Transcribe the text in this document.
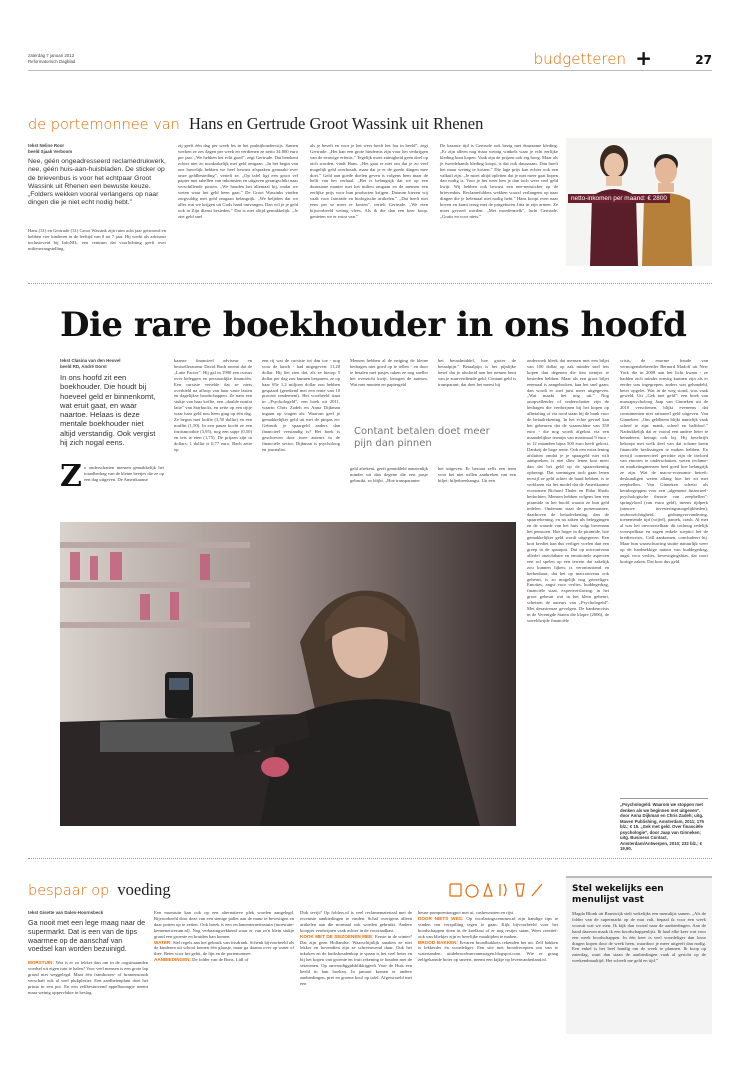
zaterdag 7 januari 2012
Reformatorisch Dagblad	budgetteren +	27
de portemonnee van Hans en Gertrude Groot Wassink uit Rhenen
tekst Neline Roor
beeld Sjaak Verboom
Nee, géén ongeadresseerd reclamedrukwerk, nee, géén huis-aan-huisbladen. De sticker op de brievenbus is voor het echtpaar Groot Wassink uit Rhenen een bewuste keuze. „Folders wekken vooral verlangens op naar dingen die je niet echt nodig hebt.”
Hans (31) en Gertrude (31) Groot Wassink zijn ruim acht jaar getrouwd en hebben vier kinderen in de leeftijd van 0 tot 7 jaar. Hij werkt als adviseur inclusieveid bij InfoNIL, een centrum dat voorlichting geeft over milieuvraagstelling.
zij geeft één dag per week les in het praktijkonderwijs. Samen werken ze zes dagen per week en verdienen ze netto 34.000 euro per jaar. „We hebben het echt goed”, zegt Gertrude. Dat betekent echter niet zo noodzakelijk met geld omgaan. „In het begin van ons huwelijk hebben we heel bewust afspraken gemaakt over onze geldbesteding”, vertelt ze. „Op tafel ligt een groot vel papier met tabellen van inkomsten en uitgaven gerangschikt naar verschillende posten. „We houden het allemaal bij, ondat we weten waar het geld heen gaat.” De Groot Wassinks vinden zorgvuldig met geld omgaan belangrijk. „We beljiden dat we alles wat we krijgen uit Gods hand ontvangen. Dan wil je je geld ook in Zijn dienst besteden.” Dat is niet altijd gemakkelijk. „Je ziet geld snel
als je beseft en voor je het weer heeft het lou in beeld”, zegt Gertrude. „Het kan een grote hindernis zijn voor het verkrijgen van de eeuwige erfenis.” Tegelijk moet zuinigheid geen doel op zich worden, vindt Hans. „Het gaat er niet om dat je zo veel mogelijk geld overhoudt, maar dat je er de goede dingen mee doet.” Geld aan goede doelen geven is volgens hem maar de helft van het verhaal. „Het is belangrijk dat we op een duurzame manier met het milieu omgaan en de mensen een eerlijke prijs voor hun producten krijgen. Daarom kiezen wij vaak voor fairtrade en biologische artikelen.” „Dat heeft niet eens per se meer te kosten”, vertelt Gertrude. „We eten bijvoorbeeld weinig vlees. Als ik die dan een keer koop, genieten we er extra van.”
De kazaste tijd is Gertrude ook bezig met duurzame kleding. „Er zijn alleen nog maar weinig winkels waar je echt eerlijke kleding kunt kopen. Vaak zijn de prijzen ook erg hoog. Maar als je tweedehands kleding koopt, is dat ook duurzaam. Dan hoeft het maar weinig te kosten.” Die lage prijs kan echter ook een valkuil zijn. „Je moet altijd opletten dat je niet meer gaat kopen dan nodig is. Voor je het weet ben je dan toch weer veel geld kwijt. Wij hebben ook bewust een nee-neesticker op de brievenbus. Reclamefolders wekken vooral verlangens op naar dingen die je helemaal niet nodig hebt.” Hans koopt even naar boven en komt terug met de pasgeboren Jitta in zijn armen. Ze moet gevoed worden. „Met moedermelk”, lacht Gertrude. „Gratis en voor niets.”
netto-inkomen per maand: € 2800
Die rare boekhouder in ons hoofd
tekst Clasina van den Heuvel
beeld RD, André Dorst
In ons hoofd zit een boekhouder. Die houdt bij hoeveel geld er binnenkomt, wat eruit gaat, en waar naartoe. Helaas is deze mentale boekhouder niet altijd verstandig. Ook vergist hij zich nogal eens.
Z o onderschatten mensen gemakkelijk het totaalbedrag van de kleine beetjes die ze op een dag uitgeven. De Amerikaanse
kaanse financieel adviseur en bestsellerauteur David Bach noemt dat de „Latte Factor”. Hij gaf in 1990 een cursus over beleggen en persoonlijke financiën. Een cursiste vertelde dat ze niets overhield na afloop van haar vaste lasten en dagelijkse boodschappen. Ze nam een stukje van haar koffie, een „double nonfat latte” van Starbucks, en zette op een rijtje waar haar geld nou heen ging op één dag. Ze begon met koffie (3,50 dollar) en een muffin (1,50). In een pauze kocht ze een fruitsmoothie (3,95), nog een sapje (0,50) en iets te eten (1,75). De prijzen zijn in dollars: 1 dollar is 0,77 euro. Bach zette op
een rij wat de cursiste tot dan toe - nog voor de lunch - had uitgegeven: 11,20 dollar. Hij liet zien dat, als ze hierop 5 dollar per dag zou kunnen besparen, ze op haar 65e 1,2 miljoen dollar zou hebben gespaard (gerekend met een rente van 10 procent rendement). Het voorbeeld staat in „Psychologeld”, een boek uit 2011, waarin Chris Zadeh en Anna Dijkman ingaan op vragen als: Waarom geef je gemakkelijker geld uit met de pinpas en: Gebruik je spaargeld anders dan financieel verstandig is? Het boek is geschreven door twee auteurs in de financiële sector, Dijkman is psycholoog en journalist.
Mensen hebben al de neiging de kleine bedragen niet goed op te tellen - en door te betalen met pasjes raken ze nog sneller het overzicht kwijt, betogen de auteurs. Wat met munten en papiergeld
het betaalmiddel, hoe groter de betaalpijn.” Betaalpijn is het pijnlijke besef dat je afscheid aan het nemen bent van je zuurverdiende geld. Contant geld is transparant; dat doet het meest bij
Contant betalen doet meer pijn dan pinnen
geld afrekent, geeft gemiddeld aanzienlijk minder uit dan degene die een pasje gebruikt, zo blijkt. „Hoe transparanter
het uitgeven. Er bestaat zelfs een term voor het niet willen aanbreken van een biljet: biljetbreekangst. Uit een
onderzoek bleek dat mensen met een biljet van 100 dollar op zak minder snel iets kopen dan degenen die tien tientjes te besteden hebben. Maar als een groot biljet eenmaal is aangebroken, kan het snel gaan; dan wordt er snel juist meer uitgegeven. „Wat maakt het nog uit.” Nog onopvallender of onderschatter zijn de bedragen die verdwijnen bij het kopen op afbetaling of via rood staan bij de bank voor de betaalrekening. In het echte gevoel kan het gebeuren dat de waanschine van 350 euro - die nog wordt afgelost via een maandelijkse termijn van maximaal 9 euro - in 12 maanden bijna 500 euro heeft gekost. Dankzij de hoge rente. Ook een extra lening afsluiten omdat je je spaargeld niet wilt aanspreken, is niet slim: lenen kost meer dan dat het geld op de spaarrekening opbrengt. Dat sommigen toch gaan lenen terwijl ze geld achter de hand hebben, is te verklaren via het model dat de Amerikaanse economen Richard Thaler en Eldar Shafir bedachten. Mensen hebben volgens hen een piramide in het hoofd waarin ze hun geld indelen. Onderaan staat de portemonnee, daarboven de betaalrekening, dan de spaarrekening, en na zaken als beleggingen en de waarde van het huis volgt bovenaan het pensioen. Hoe hoger in de piramide, hoe gemakkelijker geld wordt uitgegeven. Een kort krediet kan dus veiliger voelen dan een greep in de spaarpot. Dat op microniveau allerlei onzichtbare en emotionele aspecten een rol spelen op een terrein dat zakelijk zou kunnen lijken, is verontrustend en herkenbaar; dat het op macroniveau ook gebeurt, is zo mogelijk nog griezeliger. Emoties, angst voor verlies, kuddegedrag, financiële staat, expertverslaving: in het groot gebeurt wat in het klein gebeurt, schetsen de auteurs van „Psychologeld”. Met desastreuze gevolgen. De bankencrisis in de Verenigde Staten die klopte (2006), de wereldwijde financiële
crisis, de enorme fraude van vermogensbeheerder Bernard Madoff uit New York die in 2008 aan het licht kwam - ze hadden zich minder ernstig kunnen zijn als er eerder was ingegrepen, anders was gehandeld, beter opgelet. Wat in de weg stond, was vaak geweld. Uit „Gek met geld”: een boek van massapsycholoog Jaap van Ginneken uit de 2010 verschenen, blijkt eveneens dat consumenten niet rationeel geld uitgeven. Van Ginneken: „Ons geldbrein blijkt namelijk vaak scheef te zijn: mank, scheel en halfdoof.” Nadrukkelijk dat er vooral een andere beter te benaderen, betrapt ook bij. Hij beschrijft bekoopt met welk deel van dat schone brein financiële beslissingen te maken hebben. En terwijl commercieel gerichte zijn de invloed van emoties te onderschatten, weten reclame- en marketingmensen heel goed hoe belangrijk ze zijn. Wat de macro-economie betreft: deskundigen weten allang hoe het zit met zeepbellen. Van Ginneken schetst als kernbegrippen voor een „algemene financieel-psychologische theorie van zeepbellen”: springvloed (van extra geld), ineens tijdperk (nieuwe investeringsmogelijkheden), ondoorzichtigheid, gedrangvervandering, toenemende tijd (wijfel), paniek, crash. Al met al was het onvoorstelbaar dit tochnog redelijk voorspelbaar en zagen enkele sceptici het de kredietcrisis. Crill aankomen, concludeert hij. Maar hun waarschuwing stuitte natuurlijk weer op de hardnekkige natuur van kuddegedrag, angst voor verlies, bevestigingsbias, dat soort kortige zaken. Dat kost dus geld.
„Psychologeld. Waarom we stoppen met denken als we beginnen met uitgeven”, door Anna Dijkman en Chris Zadeh; uitg. Maven Publishing, Amsterdam, 2011; 175 blz.; € 15. „Gek met geld. Over financiële psychologie”, door Jaap van Ginneken; uitg. Business Contact, Amsterdam/Antwerpen, 2010; 232 blz.; € 19,90.
bespaar op voeding
tekst Gisette van Dalen-Hoornsbeck
Ga nooit met een lege maag naar de supermarkt. Dat is een van de tips waarmee op de aanschaf van voedsel kan worden bezuinigd.
MORSTUIN: Wat is er zo lekker dan om in de oogstmaanden voedsel uit eigen tuin te halen? Voor veel mensen is een grote lap grond niet weggelegd. Maar één frambozen- of bramenstruik verschaft ook al veel plukplezier. Een aardbeienplant doet het prima in een pot. En een zelfbestuivend appelboompje neemt maar weinig oppervlakte in beslag.
Een moestuin kan ook op een alternatieve plek worden aangelegd. Bijvoorbeeld door deze van een stenige pallet aan de muur te bevestigen en daar potten op te zetten. Ook breek is een reclamenternetinstuin (moestuin-kennenetwerum.nl). Nog verbazingwekkend waar er van zo'n klein stukje grond een groente en kruiden kan komen.
WATER: Stel regels aan het gebruik van frisdrank. Schenk bijvoorbeeld als de kinderen uit school komen één glaasje, maar ga daarna over op water of thee. Beter voor het gebit, de lijn en de portemonnee.
AANBIEDINGEN: De folder van de Bons, Lidl of
Dirk tevijt? Op folders.nl is veel reclamemateriaal met de recentste aanbiedingen te vinden. Schaf overigens alleen artikelen aan die normaal ook worden gebruikt. Andere koopjes verdwijnen vaak achter in de voorraadkast.
KOOK MET DE SEIZOENEN MEE: Eerste in de winter? Dat zijn geen Hollandse. Waarschijnlijk smaken ze niet lekker en bovendien zijn ze schreeuwend duur. Ook het inkoken en de kuikshoudenkop te spaan is het veel beter en bij het kopen van groente en fruit rekening te houden met de seizoenen. Op omvoudiggidsklikkijgeeft Voor de Huis een beeld in hun boeken. In januari komen er andere aanbiedingen, prei en groene kool op tafel. Afgewisseld met een
heuse pompoentongpot met ui, cashewnoten en rijst.
DOOR NIETS WEG: Op voorlaringscentrum.nl zijn handige tips te vinden om verspilling tegen te gaan. Kijk bijvoorbeeld voor het boodschappen doen in de koelkast of er nog restjes staan. Wees creatief: ook van kliekjes zijn er heerlijke maaltijden te maken.
BROOD BAKKEN: Ervaren broodbakkers rekenden het uit. Zelf bakken is lekkerder én voordeliger. Een site met broodrecepten om van te watertanden: uitdebroodvanvanmorgen.blogspot.com. Wie er graag zelfgekarnde boter op smeert, neemt een kijkje op levenvanhetland.nl.
Stel wekelijks een menulijst vast
Magda Blonk uit Brantwijk stelt wekelijks een menulijst samen. „Als de folder van de supermarkt op de mat valt, bepaal ik voor een week vooruit wat we eten. Ik kijk dan vooral naar de aanbiedingen. Aan de hand daarvan maak ik een boodschappenlijst. Ik haal elke keer wat voor een week boodschappen. In één keer is veel voordeliger dan losse dingen kopen door de week heen, waardoor je meer uitgeeft dan nodig. Een enkel is het heel handig om de week te plannen. Ik koop op zaterdag, want dan staan de aanbiedingen vaak al gericht op de weekendmaaltijd. Het scheelt me geld en tijd.”
